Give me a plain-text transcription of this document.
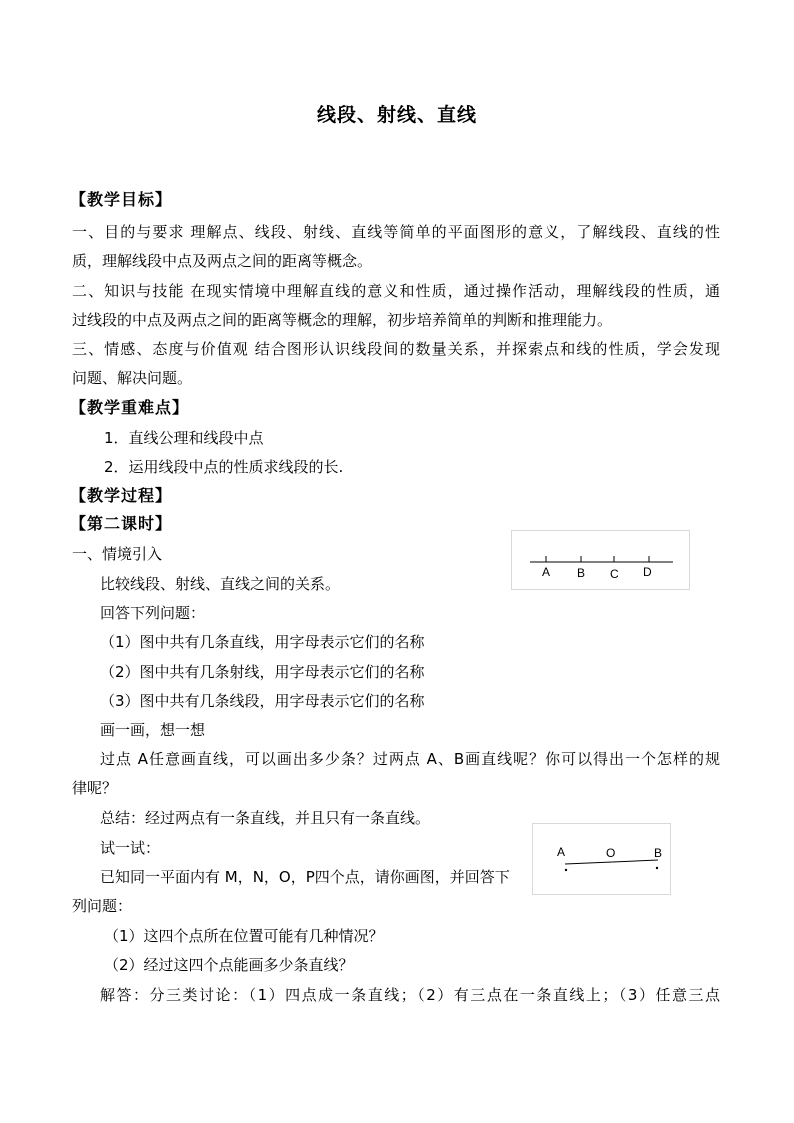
线段、射线、直线
【教学目标】
一、目的与要求 理解点、线段、射线、直线等简单的平面图形的意义，了解线段、直线的性
质，理解线段中点及两点之间的距离等概念。
二、知识与技能 在现实情境中理解直线的意义和性质，通过操作活动，理解线段的性质，通
过线段的中点及两点之间的距离等概念的理解，初步培养简单的判断和推理能力。
三、情感、态度与价值观 结合图形认识线段间的数量关系，并探索点和线的性质，学会发现
问题、解决问题。
【教学重难点】
1．直线公理和线段中点
2．运用线段中点的性质求线段的长.
【教学过程】
【第二课时】
一、情境引入
比较线段、射线、直线之间的关系。
回答下列问题：
（1）图中共有几条直线，用字母表示它们的名称
（2）图中共有几条射线，用字母表示它们的名称
（3）图中共有几条线段，用字母表示它们的名称
画一画，想一想
过点 A任意画直线，可以画出多少条？过两点 A、B画直线呢？你可以得出一个怎样的规
律呢？
总结：经过两点有一条直线，并且只有一条直线。
试一试：
已知同一平面内有 M，N，O，P四个点，请你画图，并回答下
列问题：
（1）这四个点所在位置可能有几种情况？
（2）经过这四个点能画多少条直线？
解答：分三类讨论：（1）四点成一条直线；（2）有三点在一条直线上；（3）任意三点
A B C D
A	O	B
